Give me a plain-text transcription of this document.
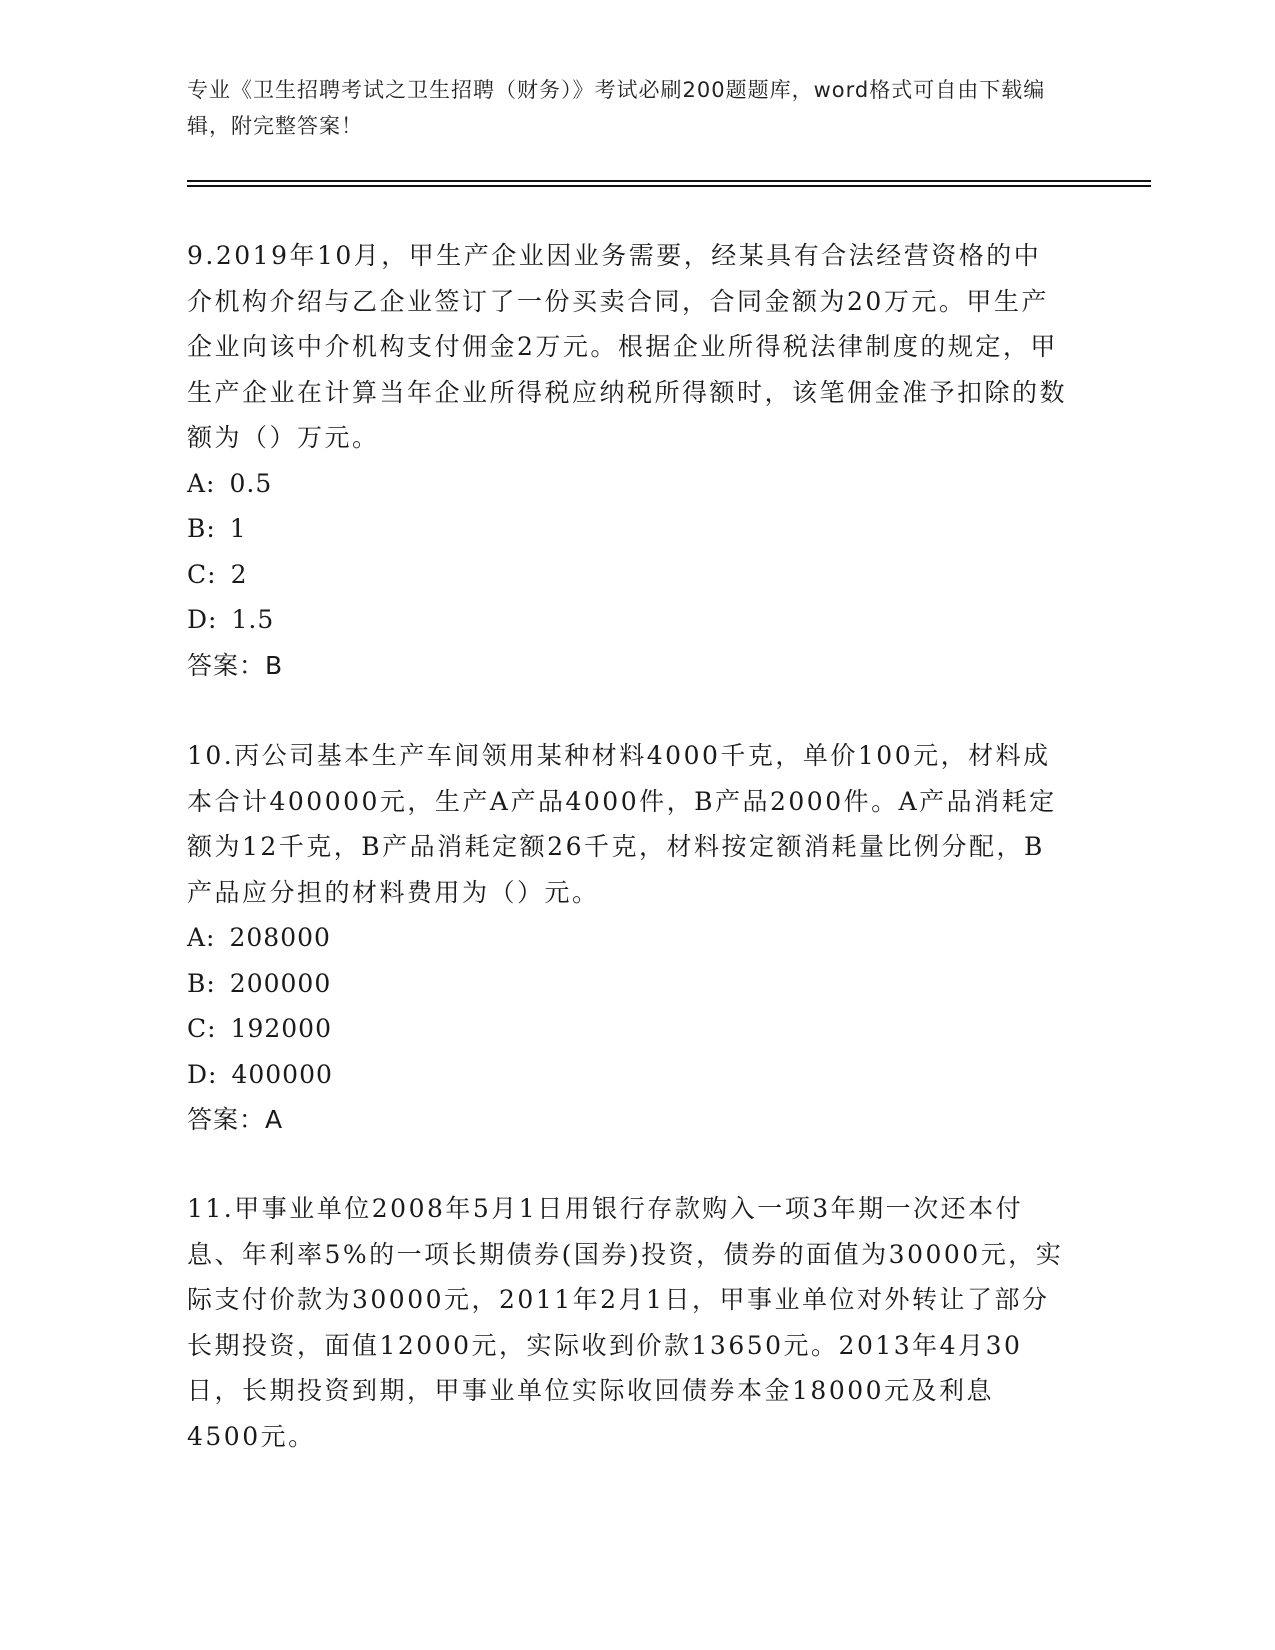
专业《卫生招聘考试之卫生招聘（财务）》考试必刷200题题库，word格式可自由下载编辑，附完整答案！

9.2019年10月，甲生产企业因业务需要，经某具有合法经营资格的中介机构介绍与乙企业签订了一份买卖合同，合同金额为20万元。甲生产企业向该中介机构支付佣金2万元。根据企业所得税法律制度的规定，甲生产企业在计算当年企业所得税应纳税所得额时，该笔佣金准予扣除的数额为（）万元。

A: 0.5
B: 1
C: 2
D: 1.5
答案：B

10.丙公司基本生产车间领用某种材料4000千克，单价100元，材料成本合计400000元，生产A产品4000件，B产品2000件。A产品消耗定额为12千克，B产品消耗定额26千克，材料按定额消耗量比例分配，B产品应分担的材料费用为（）元。

A: 208000
B: 200000
C: 192000
D: 400000
答案：A

11.甲事业单位2008年5月1日用银行存款购入一项3年期一次还本付息、年利率5%的一项长期债券(国券)投资，债券的面值为30000元，实际支付价款为30000元，2011年2月1日，甲事业单位对外转让了部分长期投资，面值12000元，实际收到价款13650元。2013年4月30日，长期投资到期，甲事业单位实际收回债券本金18000元及利息4500元。
